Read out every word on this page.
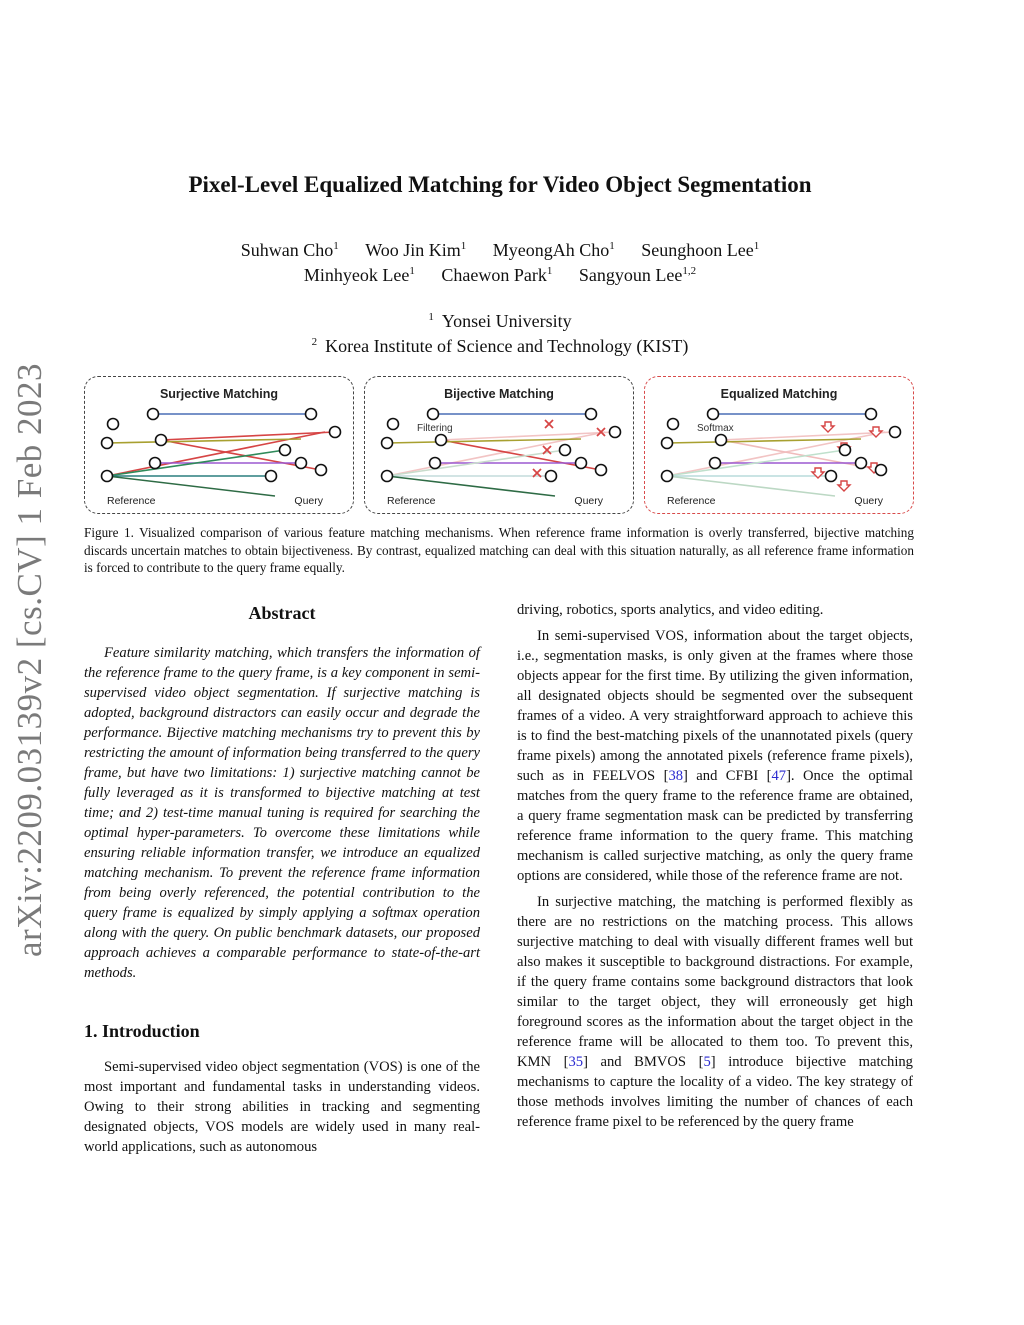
arXiv:2209.03139v2 [cs.CV] 1 Feb 2023
Pixel-Level Equalized Matching for Video Object Segmentation
Suhwan Cho$^1$ Woo Jin Kim$^1$ MyeongAh Cho$^1$ Seunghoon Lee$^1$
Minhyeok Lee$^1$ Chaewon Park$^1$ Sangyoun Lee$^{1,2}$
$^1$ Yonsei University
$^2$ Korea Institute of Science and Technology (KIST)
Surjective Matching
Reference	Query
Bijective Matching
Filtering
Reference	Query
Equalized Matching
Softmax
Reference	Query

Figure 1. Visualized comparison of various feature matching mechanisms. When reference frame information is overly transferred, bijective matching discards uncertain matches to obtain bijectiveness. By contrast, equalized matching can deal with this situation naturally, as all reference frame information is forced to contribute to the query frame equally.

Abstract

Feature similarity matching, which transfers the information of the reference frame to the query frame, is a key component in semi-supervised video object segmentation. If surjective matching is adopted, background distractors can easily occur and degrade the performance. Bijective matching mechanisms try to prevent this by restricting the amount of information being transferred to the query frame, but have two limitations: 1) surjective matching cannot be fully leveraged as it is transformed to bijective matching at test time; and 2) test-time manual tuning is required for searching the optimal hyper-parameters. To overcome these limitations while ensuring reliable information transfer, we introduce an equalized matching mechanism. To prevent the reference frame information from being overly referenced, the potential contribution to the query frame is equalized by simply applying a softmax operation along with the query. On public benchmark datasets, our proposed approach achieves a comparable performance to state-of-the-art methods.

1. Introduction

Semi-supervised video object segmentation (VOS) is one of the most important and fundamental tasks in understanding videos. Owing to their strong abilities in tracking and segmenting designated objects, VOS models are widely used in many real-world applications, such as autonomous

driving, robotics, sports analytics, and video editing.

In semi-supervised VOS, information about the target objects, i.e., segmentation masks, is only given at the frames where those objects appear for the first time. By utilizing the given information, all designated objects should be segmented over the subsequent frames of a video. A very straightforward approach to achieve this is to find the best-matching pixels of the unannotated pixels (query frame pixels) among the annotated pixels (reference frame pixels), such as in FEELVOS [38] and CFBI [47]. Once the optimal matches from the query frame to the reference frame are obtained, a query frame segmentation mask can be predicted by transferring reference frame information to the query frame. This matching mechanism is called surjective matching, as only the query frame options are considered, while those of the reference frame are not.

In surjective matching, the matching is performed flexibly as there are no restrictions on the matching process. This allows surjective matching to deal with visually different frames well but also makes it susceptible to background distractions. For example, if the query frame contains some background distractors that look similar to the target object, they will erroneously get high foreground scores as the information about the target object in the reference frame will be allocated to them too. To prevent this, KMN [35] and BMVOS [5] introduce bijective matching mechanisms to capture the locality of a video. The key strategy of those methods involves limiting the number of chances of each reference frame pixel to be referenced by the query frame
